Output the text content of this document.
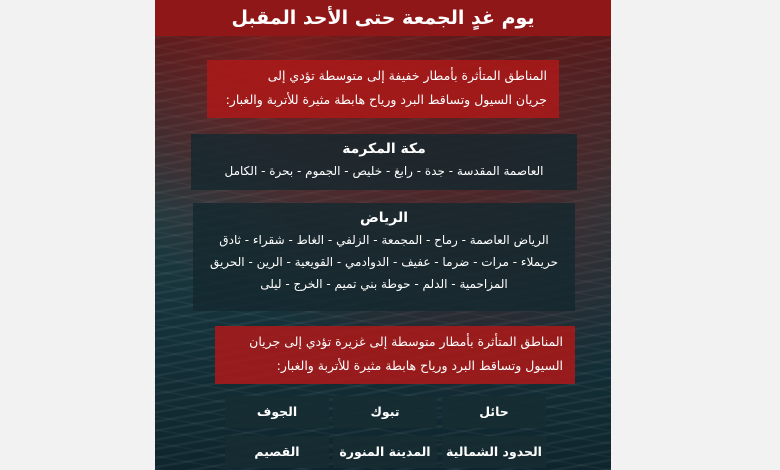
يوم غدٍ الجمعة حتى الأحد المقبل
المناطق المتأثرة بأمطار خفيفة إلى متوسطة تؤدي إلى
جريان السيول وتساقط البرد ورياح هابطة مثيرة للأتربة والغبار:
مكة المكرمة
العاصمة المقدسة - جدة - رابغ - خليص - الجموم - بحرة - الكامل
الرياض
الرياض العاصمة - رماح - المجمعة - الزلفي - الغاط - شقراء - ثادق
حريملاء - مرات - ضرما - عفيف - الدوادمي - القويعية - الرين - الحريق
المزاحمية - الدلم - حوطة بني تميم - الخرج - ليلى
المناطق المتأثرة بأمطار متوسطة إلى غزيرة تؤدي إلى جريان
السيول وتساقط البرد ورياح هابطة مثيرة للأتربة والغبار:
حائل
تبوك
الجوف
الحدود الشمالية
المدينة المنورة
القصيم
